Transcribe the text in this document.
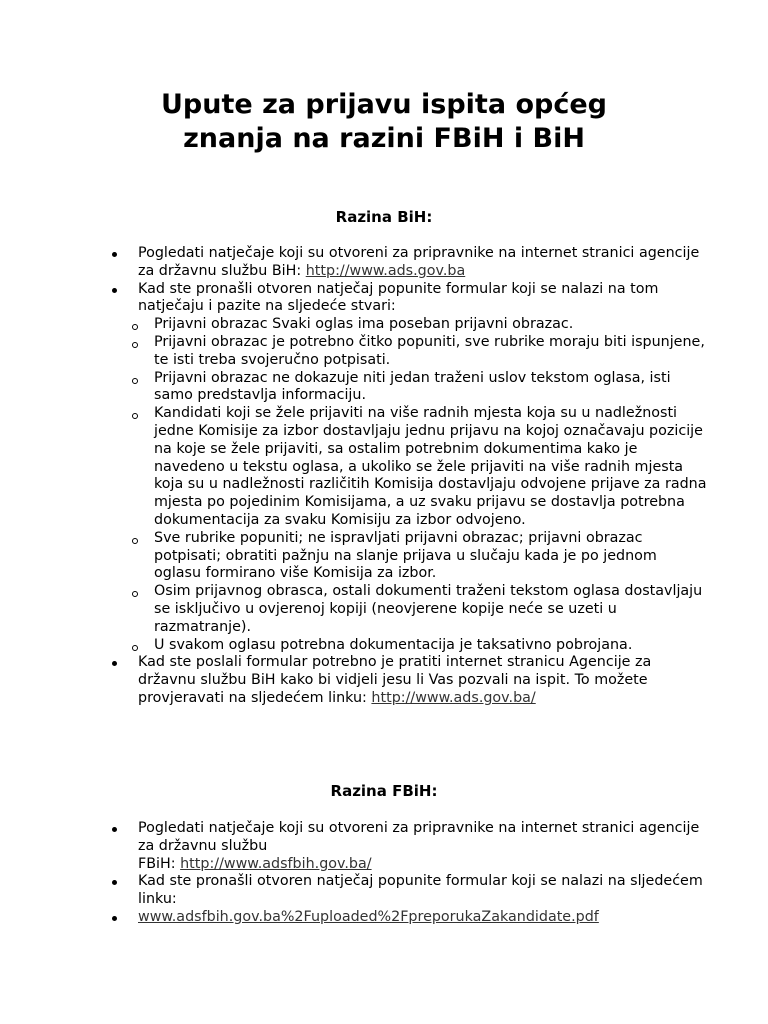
Upute za prijavu ispita općeg
znanja na razini FBiH i BiH
Razina BiH:
Pogledati natječaje koji su otvoreni za pripravnike na internet stranici agencije za državnu službu BiH: http://www.ads.gov.ba
Kad ste pronašli otvoren natječaj popunite formular koji se nalazi na tom natječaju i pazite na sljedeće stvari:
Prijavni obrazac Svaki oglas ima poseban prijavni obrazac.
Prijavni obrazac je potrebno čitko popuniti, sve rubrike moraju biti ispunjene, te isti treba svojeručno potpisati.
Prijavni obrazac ne dokazuje niti jedan traženi uslov tekstom oglasa, isti samo predstavlja informaciju.
Kandidati koji se žele prijaviti na više radnih mjesta koja su u nadležnosti jedne Komisije za izbor dostavljaju jednu prijavu na kojoj označavaju pozicije na koje se žele prijaviti, sa ostalim potrebnim dokumentima kako je navedeno u tekstu oglasa, a ukoliko se žele prijaviti na više radnih mjesta koja su u nadležnosti različitih Komisija dostavljaju odvojene prijave za radna mjesta po pojedinim Komisijama, a uz svaku prijavu se dostavlja potrebna dokumentacija za svaku Komisiju za izbor odvojeno.
Sve rubrike popuniti; ne ispravljati prijavni obrazac; prijavni obrazac potpisati; obratiti pažnju na slanje prijava u slučaju kada je po jednom oglasu formirano više Komisija za izbor.
Osim prijavnog obrasca, ostali dokumenti traženi tekstom oglasa dostavljaju se isključivo u ovjerenoj kopiji (neovjerene kopije neće se uzeti u razmatranje).
U svakom oglasu potrebna dokumentacija je taksativno pobrojana.
Kad ste poslali formular potrebno je pratiti internet stranicu Agencije za državnu službu BiH kako bi vidjeli jesu li Vas pozvali na ispit. To možete provjeravati na sljedećem linku: http://www.ads.gov.ba/
Razina FBiH:
Pogledati natječaje koji su otvoreni za pripravnike na internet stranici agencije za državnu službu
FBiH: http://www.adsfbih.gov.ba/
Kad ste pronašli otvoren natječaj popunite formular koji se nalazi na sljedećem linku:
www.adsfbih.gov.ba%2Fuploaded%2FpreporukaZakandidate.pdf
